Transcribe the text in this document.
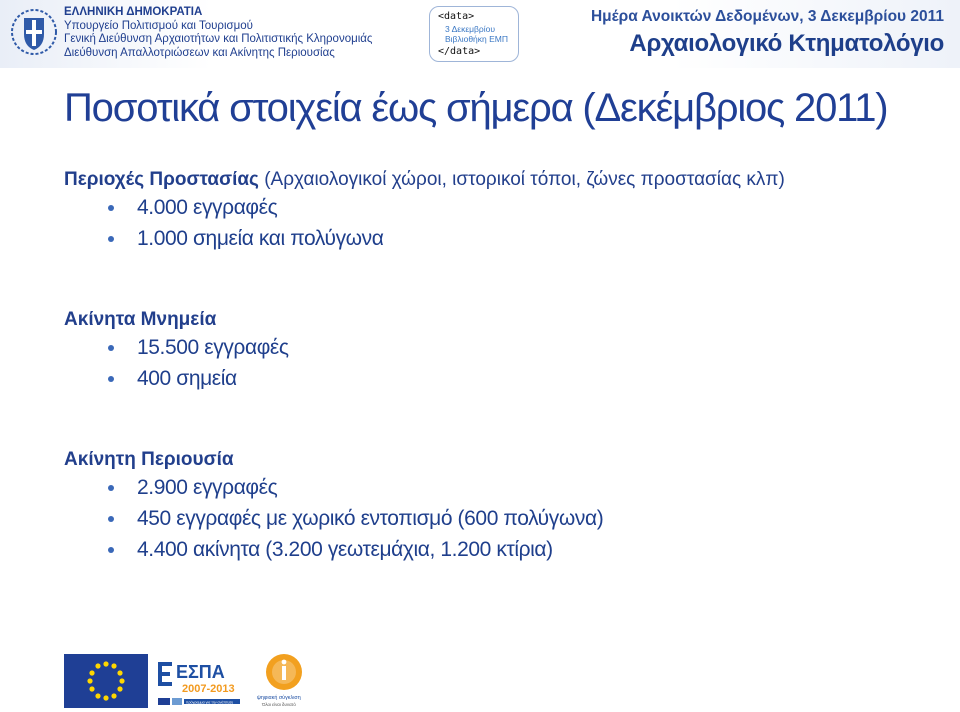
ΕΛΛΗΝΙΚΗ ΔΗΜΟΚΡΑΤΙΑ
Υπουργείο Πολιτισμού και Τουρισμού
Γενική Διεύθυνση Αρχαιοτήτων και Πολιτιστικής Κληρονομιάς
Διεύθυνση Απαλλοτριώσεων και Ακίνητης Περιουσίας
<data>
3 Δεκεμβρίου
Βιβλιοθήκη ΕΜΠ
</data>
Ημέρα Ανοικτών Δεδομένων, 3 Δεκεμβρίου 2011
Αρχαιολογικό Κτηματολόγιο
Ποσοτικά στοιχεία έως σήμερα (Δεκέμβριος 2011)
Περιοχές Προστασίας (Αρχαιολογικοί χώροι, ιστορικοί τόποι, ζώνες προστασίας κλπ)
4.000 εγγραφές
1.000 σημεία και πολύγωνα
Ακίνητα Μνημεία
15.500 εγγραφές
400 σημεία
Ακίνητη Περιουσία
2.900 εγγραφές
450 εγγραφές με χωρικό εντοπισμό (600 πολύγωνα)
4.400 ακίνητα (3.200 γεωτεμάχια, 1.200 κτίρια)
ΕΣΠΑ
2007-2013
πρόγραμμα για την ανάπτυξη
ψηφιακή σύγκλιση
Όλοι είναι δυνατό
